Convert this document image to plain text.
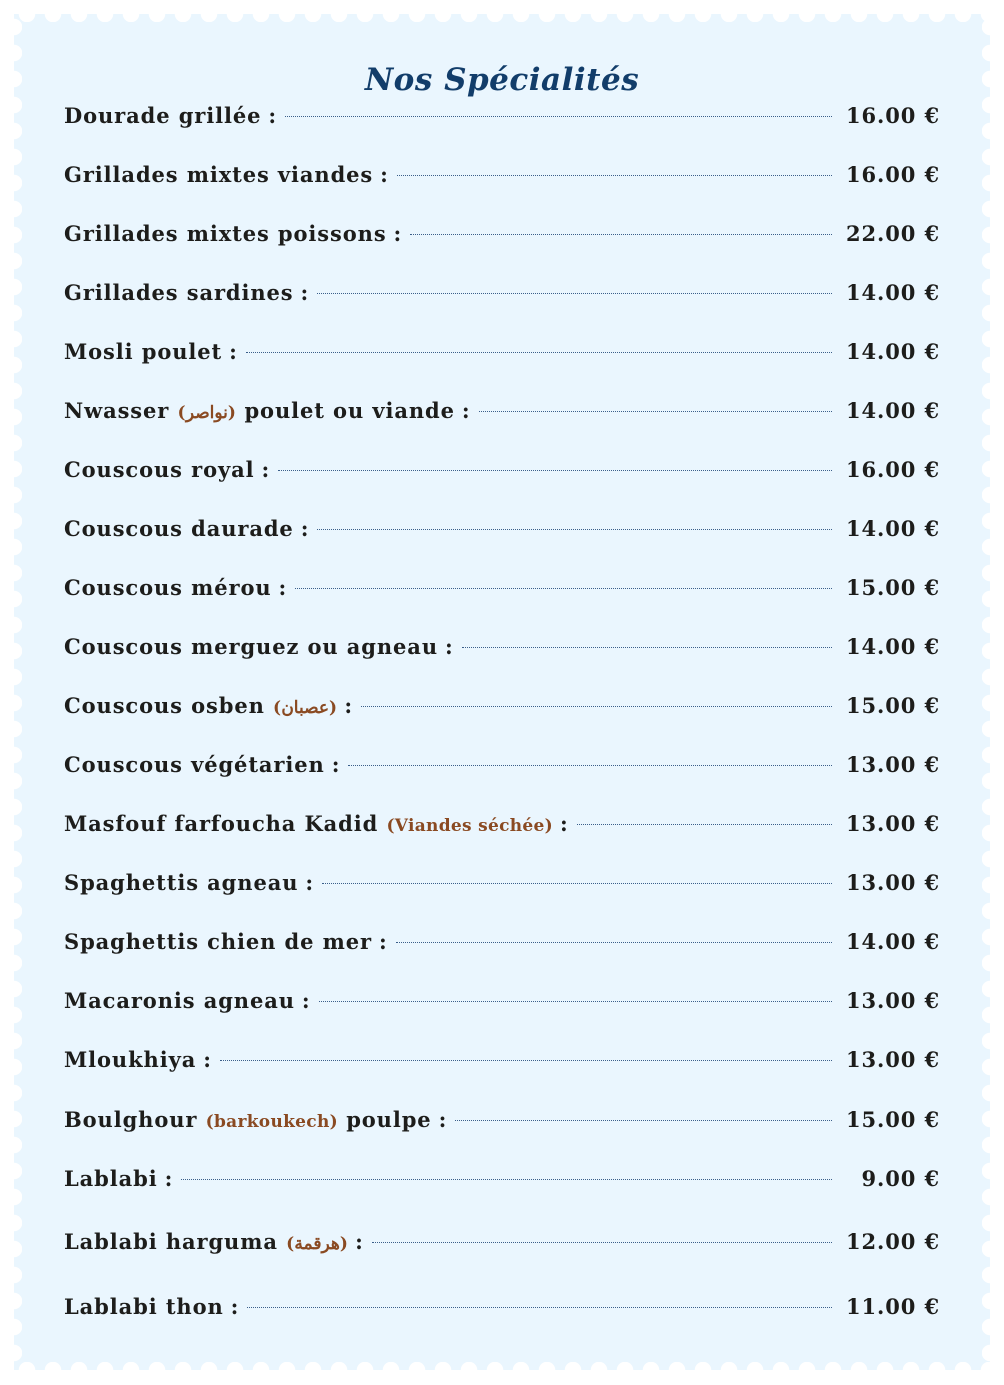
Nos Spécialités
Dourade grillée :	16.00 €
Grillades mixtes viandes :	16.00 €
Grillades mixtes poissons :	22.00 €
Grillades sardines :	14.00 €
Mosli poulet :	14.00 €
Nwasser (نواصر) poulet ou viande :	14.00 €
Couscous royal :	16.00 €
Couscous daurade :	14.00 €
Couscous mérou :	15.00 €
Couscous merguez ou agneau :	14.00 €
Couscous osben (عصبان) :	15.00 €
Couscous végétarien :	13.00 €
Masfouf farfoucha Kadid (Viandes séchée) :	13.00 €
Spaghettis agneau :	13.00 €
Spaghettis chien de mer :	14.00 €
Macaronis agneau :	13.00 €
Mloukhiya :	13.00 €
Boulghour (barkoukech) poulpe :	15.00 €
Lablabi :	9.00 €
Lablabi harguma (هرقمة) :	12.00 €
Lablabi thon :	11.00 €
